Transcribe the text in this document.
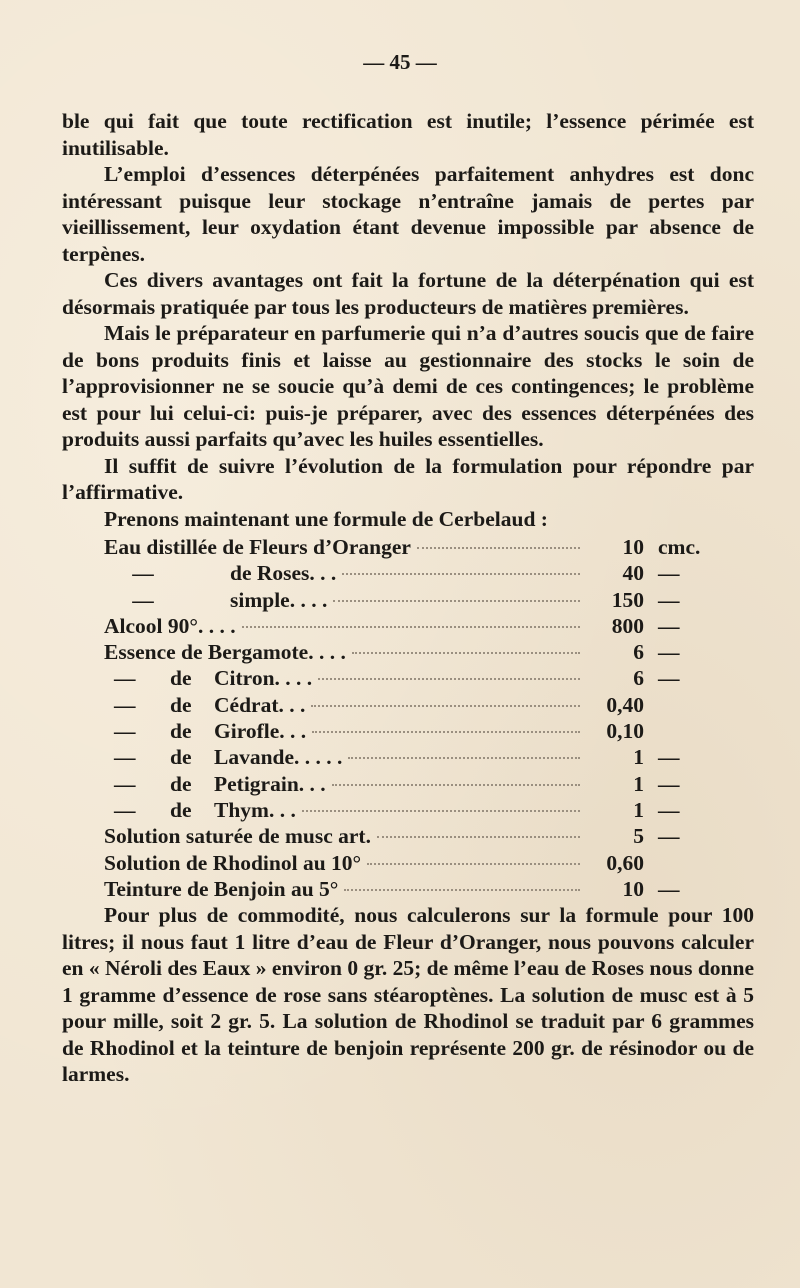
— 45 —

ble qui fait que toute rectification est inutile; l’essence périmée est inutilisable.

L’emploi d’essences déterpénées parfaitement anhydres est donc intéressant puisque leur stockage n’entraîne jamais de pertes par vieillissement, leur oxydation étant devenue impossible par absence de terpènes.

Ces divers avantages ont fait la fortune de la déterpénation qui est désormais pratiquée par tous les producteurs de matières premières.

Mais le préparateur en parfumerie qui n’a d’autres soucis que de faire de bons produits finis et laisse au gestionnaire des stocks le soin de l’approvisionner ne se soucie qu’à demi de ces contingences; le problème est pour lui celui-ci: puis-je préparer, avec des essences déterpénées des produits aussi parfaits qu’avec les huiles essentielles.

Il suffit de suivre l’évolution de la formulation pour répondre par l’affirmative.

Prenons maintenant une formule de Cerbelaud :

Eau distillée de Fleurs d’Oranger	10 cmc.
—	de Roses. . .	40 —
—	simple. . . .	150 —
Alcool 90°. . . .	800 —
Essence de Bergamote. . . .	6 —
—	de	Citron. . . .	6 —
—	de	Cédrat. . .	0,40
—	de	Girofle. . .	0,10
—	de	Lavande. . . . .	1 —
—	de	Petigrain. . .	1 —
—	de	Thym. . .	1 —
Solution saturée de musc art.	5 —
Solution de Rhodinol au 10°	0,60
Teinture de Benjoin au 5°	10 —

Pour plus de commodité, nous calculerons sur la formule pour 100 litres; il nous faut 1 litre d’eau de Fleur d’Oranger, nous pouvons calculer en « Néroli des Eaux » environ 0 gr. 25; de même l’eau de Roses nous donne 1 gramme d’essence de rose sans stéaroptènes. La solution de musc est à 5 pour mille, soit 2 gr. 5. La solution de Rhodinol se traduit par 6 grammes de Rhodinol et la teinture de benjoin représente 200 gr. de résinodor ou de larmes.
